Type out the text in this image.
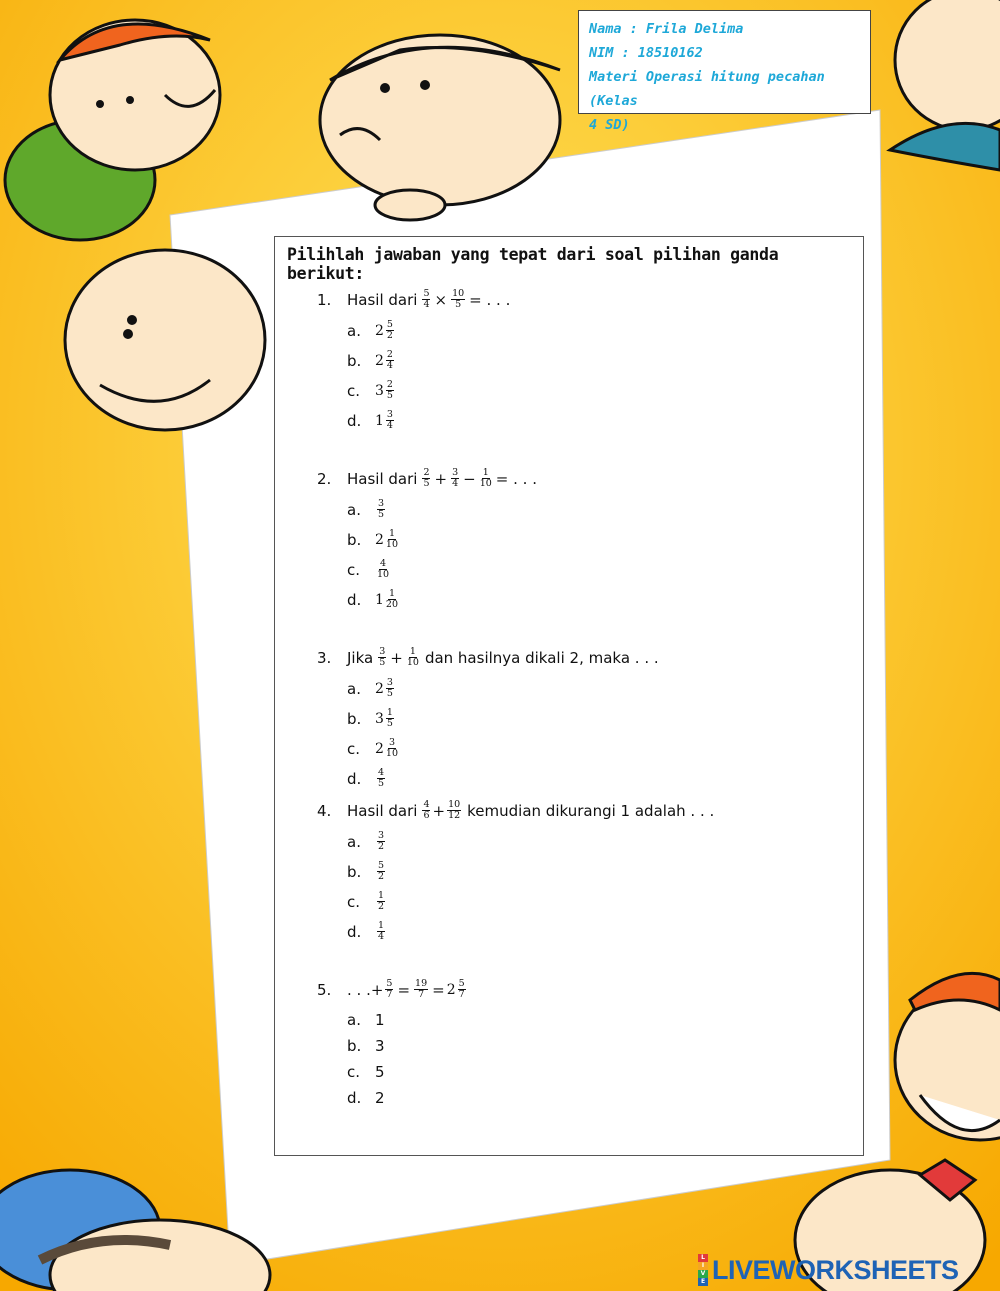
Nama : Frila Delima
NIM : 18510162
Materi Operasi hitung pecahan (Kelas
4 SD)
Pilihlah jawaban yang tepat dari soal pilihan ganda berikut:
1.	Hasil dari $\frac{5}{4} \times \frac{10}{5}$ = . . .
a.	$2 \frac{5}{2}$
b. $2 \frac{2}{4}$
c.	$3 \frac{2}{5}$
d. $1 \frac{3}{4}$
2.	Hasil dari $\frac{2}{5} + \frac{3}{4} - \frac{1}{10}$ = . . .
a.	$\frac{3}{5}$
b. $2 \frac{1}{10}$
c.	$\frac{4}{10}$
d. $1 \frac{1}{20}$
3.	Jika $\frac{3}{5} + \frac{1}{10}$ dan hasilnya dikali 2, maka . . .
a.	$2 \frac{3}{5}$
b. $3 \frac{1}{5}$
c.	$2 \frac{3}{10}$
d.	$\frac{4}{5}$
4.	Hasil dari $\frac{4}{6} + \frac{10}{12}$ kemudian dikurangi 1 adalah . . .
a.	$\frac{3}{2}$
b.	$\frac{5}{2}$
c.	$\frac{1}{2}$
d.	$\frac{1}{4}$
5.	. . . + $\frac{5}{7} = \frac{19}{7} = 2 \frac{5}{7}$
a. 1
b. 3
c. 5
d. 2
L
I
V
E LIVEWORKSHEETS
